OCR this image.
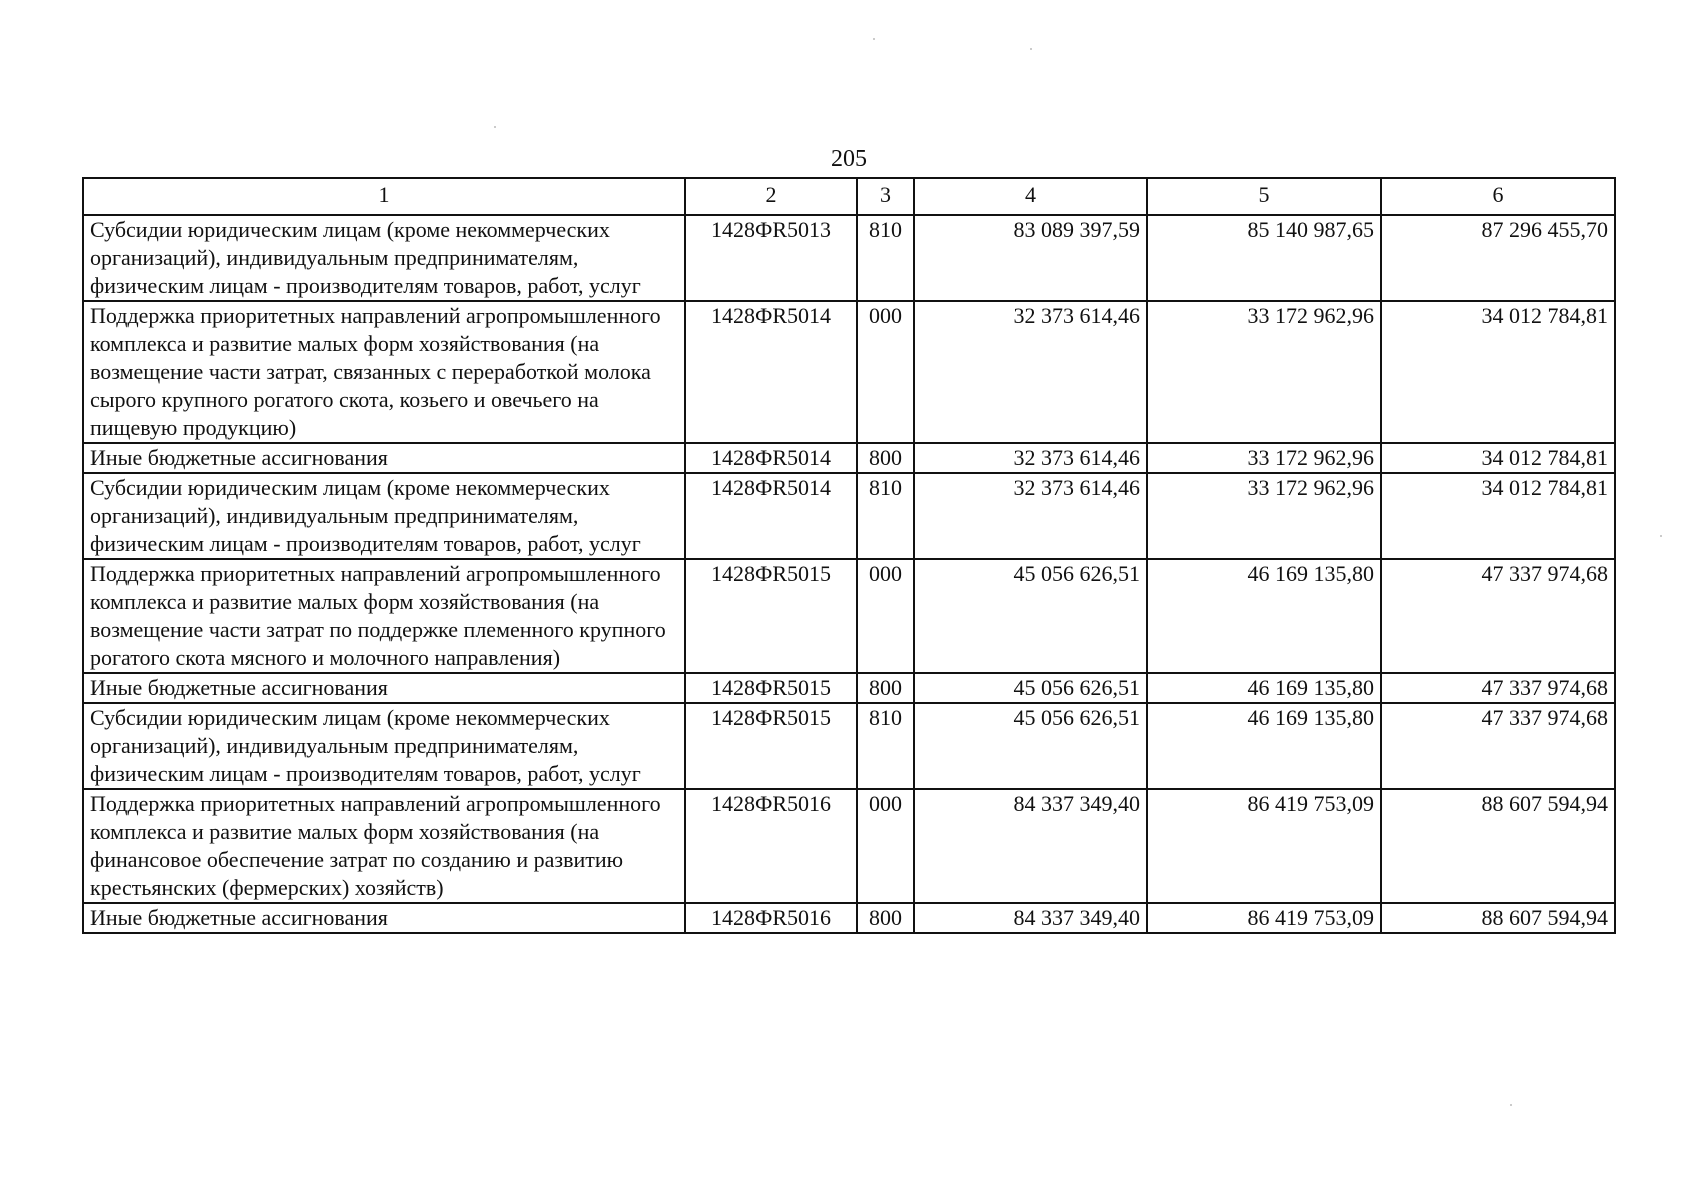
205
1	2	3	4	5	6
Субсидии юридическим лицам (кроме некоммерческих организаций), индивидуальным предпринимателям, физическим лицам - производителям товаров, работ, услуг	1428ФR5013	810	83 089 397,59	85 140 987,65	87 296 455,70
Поддержка приоритетных направлений агропромышленного комплекса и развитие малых форм хозяйствования (на возмещение части затрат, связанных с переработкой молока сырого крупного рогатого скота, козьего и овечьего на пищевую продукцию)	1428ФR5014	000	32 373 614,46	33 172 962,96	34 012 784,81
Иные бюджетные ассигнования	1428ФR5014	800	32 373 614,46	33 172 962,96	34 012 784,81
Субсидии юридическим лицам (кроме некоммерческих организаций), индивидуальным предпринимателям, физическим лицам - производителям товаров, работ, услуг	1428ФR5014	810	32 373 614,46	33 172 962,96	34 012 784,81
Поддержка приоритетных направлений агропромышленного комплекса и развитие малых форм хозяйствования (на возмещение части затрат по поддержке племенного крупного рогатого скота мясного и молочного направления)	1428ФR5015	000	45 056 626,51	46 169 135,80	47 337 974,68
Иные бюджетные ассигнования	1428ФR5015	800	45 056 626,51	46 169 135,80	47 337 974,68
Субсидии юридическим лицам (кроме некоммерческих организаций), индивидуальным предпринимателям, физическим лицам - производителям товаров, работ, услуг	1428ФR5015	810	45 056 626,51	46 169 135,80	47 337 974,68
Поддержка приоритетных направлений агропромышленного комплекса и развитие малых форм хозяйствования (на финансовое обеспечение затрат по созданию и развитию крестьянских (фермерских) хозяйств)	1428ФR5016	000	84 337 349,40	86 419 753,09	88 607 594,94
Иные бюджетные ассигнования	1428ФR5016	800	84 337 349,40	86 419 753,09	88 607 594,94
